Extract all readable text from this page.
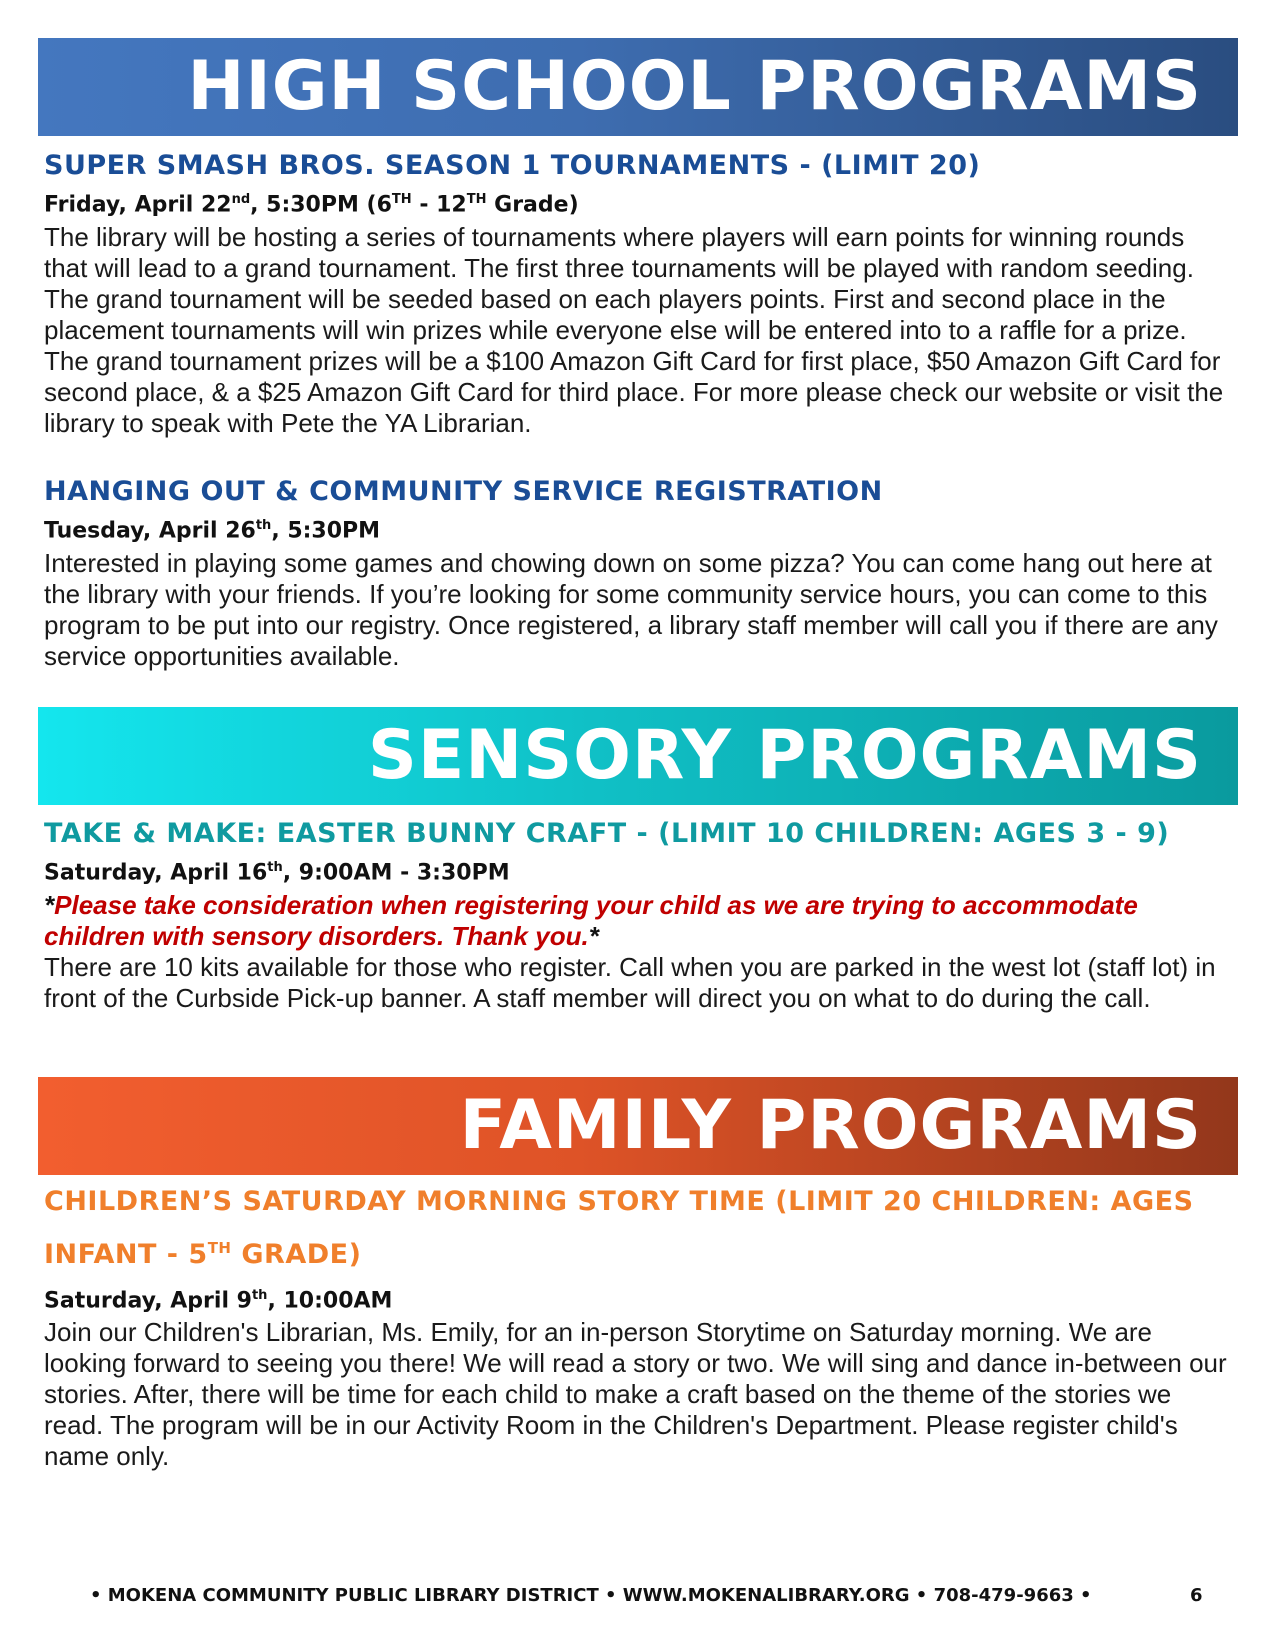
HIGH SCHOOL PROGRAMS
SUPER SMASH BROS. SEASON 1 TOURNAMENTS - (LIMIT 20)

Friday, April 22nd, 5:30PM (6TH - 12TH Grade)

The library will be hosting a series of tournaments where players will earn points for winning rounds that will lead to a grand tournament. The first three tournaments will be played with random seeding. The grand tournament will be seeded based on each players points. First and second place in the placement tournaments will win prizes while everyone else will be entered into to a raffle for a prize. The grand tournament prizes will be a $100 Amazon Gift Card for first place, $50 Amazon Gift Card for second place, & a $25 Amazon Gift Card for third place. For more please check our website or visit the library to speak with Pete the YA Librarian.

HANGING OUT & COMMUNITY SERVICE REGISTRATION

Tuesday, April 26th, 5:30PM

Interested in playing some games and chowing down on some pizza? You can come hang out here at the library with your friends. If you’re looking for some community service hours, you can come to this program to be put into our registry. Once registered, a library staff member will call you if there are any service opportunities available.

SENSORY PROGRAMS
TAKE & MAKE: EASTER BUNNY CRAFT - (LIMIT 10 CHILDREN: AGES 3 - 9)

Saturday, April 16th, 9:00AM - 3:30PM

*Please take consideration when registering your child as we are trying to accommodate children with sensory disorders. Thank you.*

There are 10 kits available for those who register. Call when you are parked in the west lot (staff lot) in front of the Curbside Pick-up banner. A staff member will direct you on what to do during the call.

FAMILY PROGRAMS
CHILDREN’S SATURDAY MORNING STORY TIME (LIMIT 20 CHILDREN: AGES INFANT - 5TH GRADE)

Saturday, April 9th, 10:00AM

Join our Children's Librarian, Ms. Emily, for an in-person Storytime on Saturday morning. We are looking forward to seeing you there! We will read a story or two. We will sing and dance in-between our stories. After, there will be time for each child to make a craft based on the theme of the stories we read. The program will be in our Activity Room in the Children's Department. Please register child's name only.

• MOKENA COMMUNITY PUBLIC LIBRARY DISTRICT • WWW.MOKENALIBRARY.ORG • 708-479-9663 •	6
